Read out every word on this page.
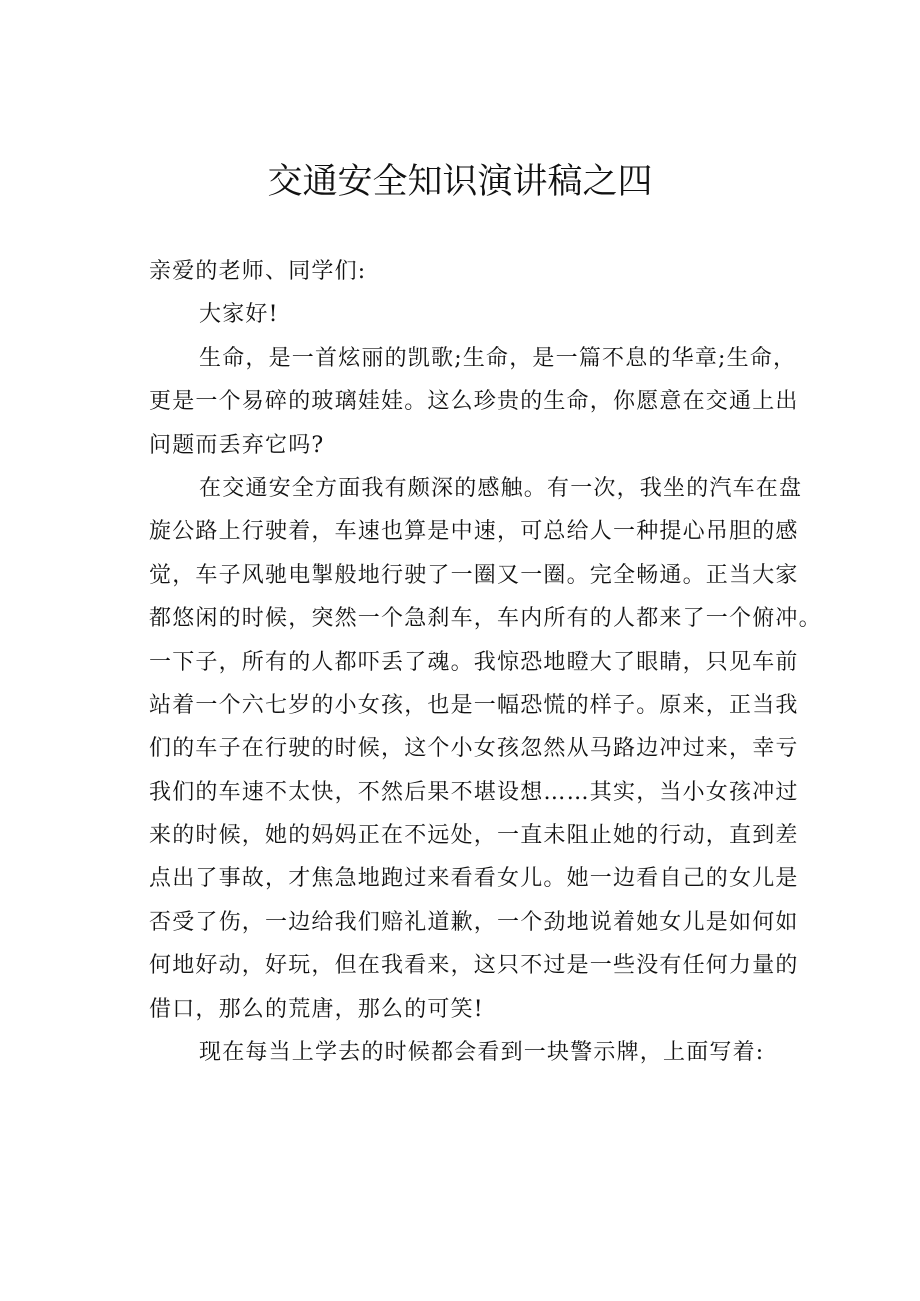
交通安全知识演讲稿之四
亲爱的老师、同学们:
大家好!
生命，是一首炫丽的凯歌;生命，是一篇不息的华章;生命，
更是一个易碎的玻璃娃娃。这么珍贵的生命，你愿意在交通上出
问题而丢弃它吗?
在交通安全方面我有颇深的感触。有一次，我坐的汽车在盘
旋公路上行驶着，车速也算是中速，可总给人一种提心吊胆的感
觉，车子风驰电掣般地行驶了一圈又一圈。完全畅通。正当大家
都悠闲的时候，突然一个急刹车，车内所有的人都来了一个俯冲。
一下子，所有的人都吓丢了魂。我惊恐地瞪大了眼睛，只见车前
站着一个六七岁的小女孩，也是一幅恐慌的样子。原来，正当我
们的车子在行驶的时候，这个小女孩忽然从马路边冲过来，幸亏
我们的车速不太快，不然后果不堪设想……其实，当小女孩冲过
来的时候，她的妈妈正在不远处，一直未阻止她的行动，直到差
点出了事故，才焦急地跑过来看看女儿。她一边看自己的女儿是
否受了伤，一边给我们赔礼道歉，一个劲地说着她女儿是如何如
何地好动，好玩，但在我看来，这只不过是一些没有任何力量的
借口，那么的荒唐，那么的可笑!
现在每当上学去的时候都会看到一块警示牌，上面写着:
